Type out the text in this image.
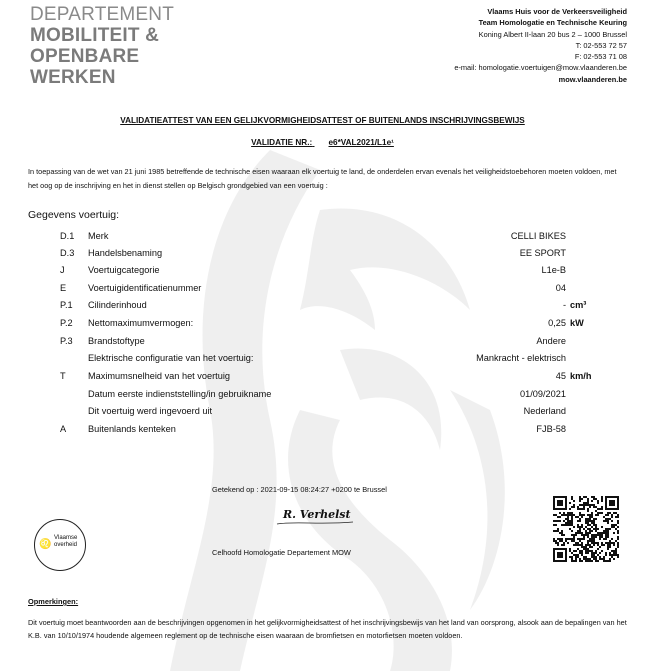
DEPARTEMENT
MOBILITEIT &
OPENBARE
WERKEN
Vlaams Huis voor de Verkeersveiligheid
Team Homologatie en Technische Keuring
Koning Albert II-laan 20 bus 2 – 1000 Brussel
T: 02-553 72 57
F: 02-553 71 08
e-mail: homologatie.voertuigen@mow.vlaanderen.be
mow.vlaanderen.be
VALIDATIEATTEST VAN EEN GELIJKVORMIGHEIDSATTEST OF BUITENLANDS INSCHRIJVINGSBEWIJS
VALIDATIE NR.: e6*VAL2021/L1e¹
In toepassing van de wet van 21 juni 1985 betreffende de technische eisen waaraan elk voertuig te land, de onderdelen ervan evenals het veiligheidstoebehoren moeten voldoen, met het oog op de inschrijving en het in dienst stellen op Belgisch grondgebied van een voertuig :
Gegevens voertuig:
D.1 Merk	CELLI BIKES
D.3 Handelsbenaming	EE SPORT
J	Voertuigcategorie	L1e-B
E Voertuigidentificatienummer	04
P.1 Cilinderinhoud	- cm³
P.2 Nettomaximumvermogen:	0,25 kW
P.3 Brandstoftype	Andere
Elektrische configuratie van het voertuig:	Mankracht - elektrisch
T Maximumsnelheid van het voertuig	45 km/h
Datum eerste indienststelling/in gebruikname	01/09/2021
Dit voertuig werd ingevoerd uit	Nederland
A Buitenlands kenteken	FJB-58
Getekend op : 2021-09-15 08:24:27 +0200 te Brussel
R. Verhelst
Celhoofd Homologatie Departement MOW
♌
Vlaamse
overheid
Opmerkingen:
Dit voertuig moet beantwoorden aan de beschrijvingen opgenomen in het gelijkvormigheidsattest of het inschrijvingsbewijs van het land van oorsprong, alsook aan de bepalingen van het K.B. van 10/10/1974 houdende algemeen reglement op de technische eisen waaraan de bromfietsen en motorfietsen moeten voldoen.
